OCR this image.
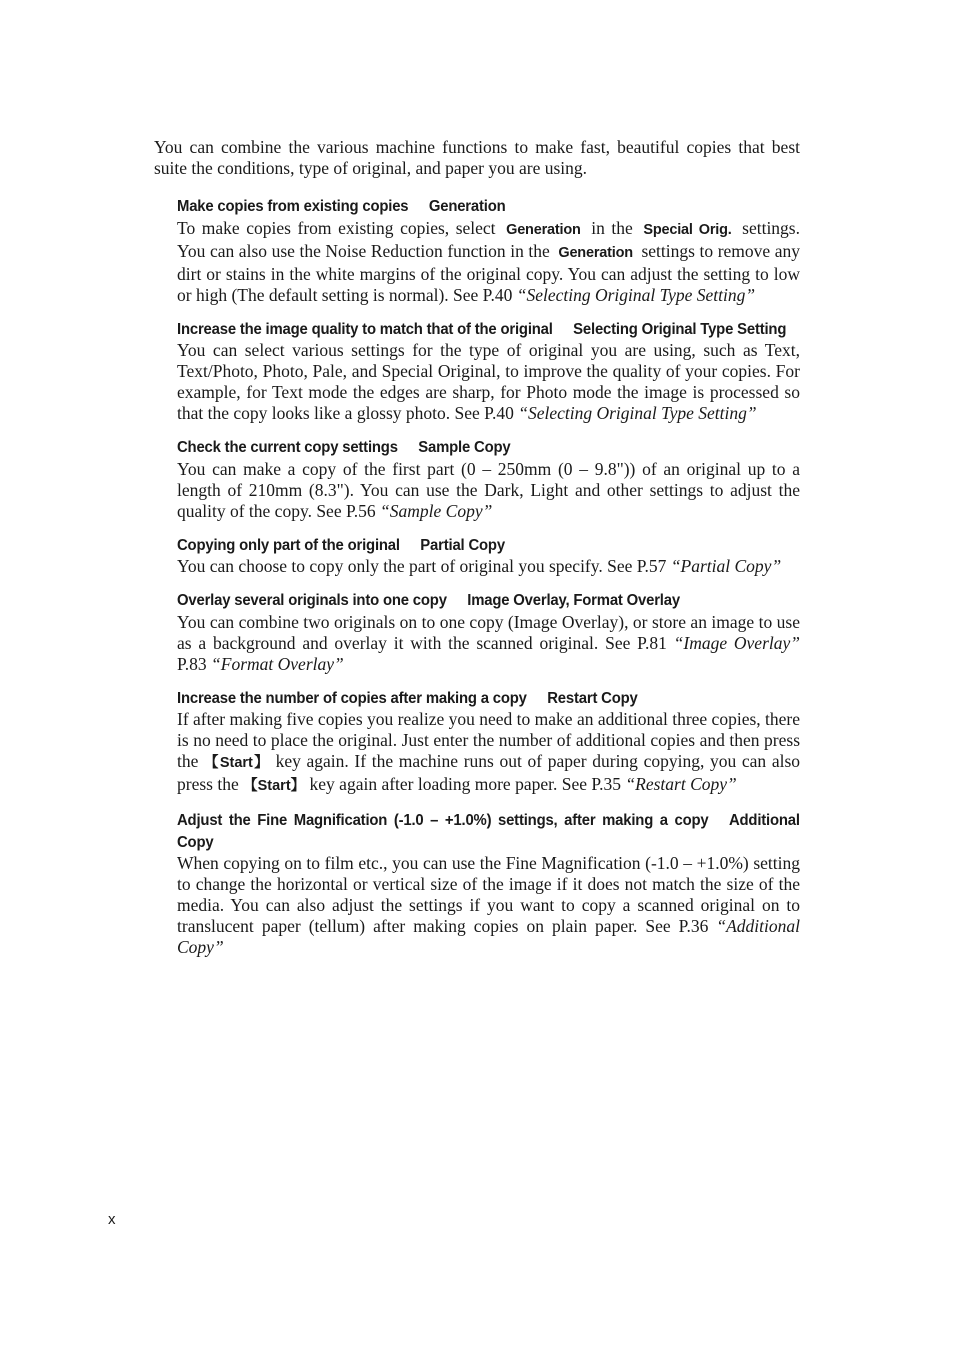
You can combine the various machine functions to make fast, beautiful copies that best suite the conditions, type of original, and paper you are using.

Make copies from existing copies Generation

To make copies from existing copies, select Generation in the Special Orig. settings. You can also use the Noise Reduction function in the Generation settings to remove any dirt or stains in the white margins of the original copy. You can adjust the setting to low or high (The default setting is normal). See P.40 “Selecting Original Type Setting”

Increase the image quality to match that of the original Selecting Original Type Setting

You can select various settings for the type of original you are using, such as Text, Text/Photo, Photo, Pale, and Special Original, to improve the quality of your copies. For example, for Text mode the edges are sharp, for Photo mode the image is processed so that the copy looks like a glossy photo. See P.40 “Selecting Original Type Setting”

Check the current copy settings Sample Copy

You can make a copy of the first part (0 – 250mm (0 – 9.8")) of an original up to a length of 210mm (8.3"). You can use the Dark, Light and other settings to adjust the quality of the copy. See P.56 “Sample Copy”

Copying only part of the original Partial Copy

You can choose to copy only the part of original you specify. See P.57 “Partial Copy”

Overlay several originals into one copy Image Overlay, Format Overlay

You can combine two originals on to one copy (Image Overlay), or store an image to use as a background and overlay it with the scanned original. See P.81 “Image Overlay” P.83 “Format Overlay”

Increase the number of copies after making a copy Restart Copy

If after making five copies you realize you need to make an additional three copies, there is no need to place the original. Just enter the number of additional copies and then press the 【Start】 key again. If the machine runs out of paper during copying, you can also press the 【Start】 key again after loading more paper. See P.35 “Restart Copy”

Adjust the Fine Magnification (-1.0 – +1.0%) settings, after making a copy Additional Copy

When copying on to film etc., you can use the Fine Magnification (-1.0 – +1.0%) setting to change the horizontal or vertical size of the image if it does not match the size of the media. You can also adjust the settings if you want to copy a scanned original on to translucent paper (tellum) after making copies on plain paper. See P.36 “Additional Copy”

x
